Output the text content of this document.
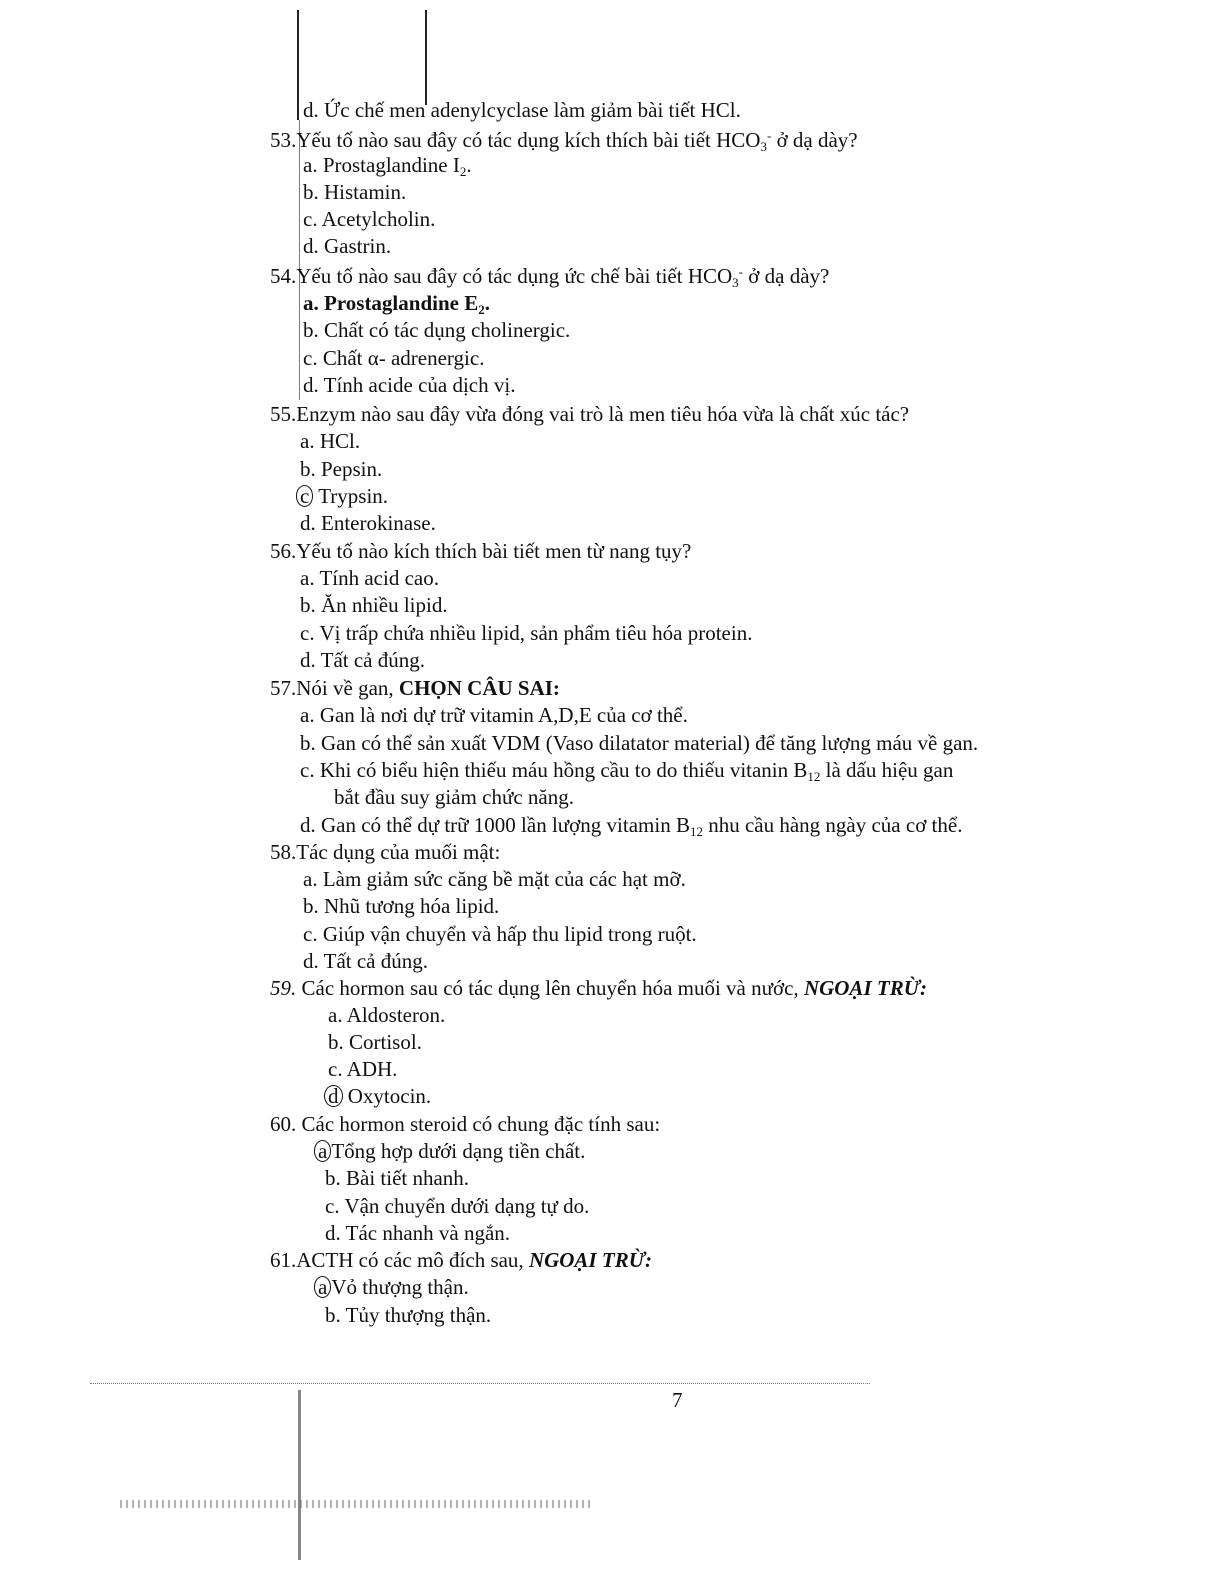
d. Ức chế men adenylcyclase làm giảm bài tiết HCl.
53.Yếu tố nào sau đây có tác dụng kích thích bài tiết $HCO_3^-$ ở dạ dày?
a. Prostaglandine $I_2$.
b. Histamin.
c. Acetylcholin.
d. Gastrin.
54.Yếu tố nào sau đây có tác dụng ức chế bài tiết $HCO_3^-$ ở dạ dày?
a. Prostaglandine $E_2$.
b. Chất có tác dụng cholinergic.
c. Chất α- adrenergic.
d. Tính acide của dịch vị.
55.Enzym nào sau đây vừa đóng vai trò là men tiêu hóa vừa là chất xúc tác?
a. HCl.
b. Pepsin.
c Trypsin.
d. Enterokinase.
56.Yếu tố nào kích thích bài tiết men từ nang tụy?
a. Tính acid cao.
b. Ăn nhiều lipid.
c. Vị trấp chứa nhiều lipid, sản phẩm tiêu hóa protein.
d. Tất cả đúng.
57.Nói về gan, CHỌN CÂU SAI:
a. Gan là nơi dự trữ vitamin A,D,E của cơ thể.
b. Gan có thể sản xuất VDM (Vaso dilatator material) để tăng lượng máu về gan.
c. Khi có biểu hiện thiếu máu hồng cầu to do thiếu vitanin $B_{12}$ là dấu hiệu gan
bắt đầu suy giảm chức năng.
d. Gan có thể dự trữ 1000 lần lượng vitamin $B_{12}$ nhu cầu hàng ngày của cơ thể.
58.Tác dụng của muối mật:
a. Làm giảm sức căng bề mặt của các hạt mỡ.
b. Nhũ tương hóa lipid.
c. Giúp vận chuyển và hấp thu lipid trong ruột.
d. Tất cả đúng.
59. Các hormon sau có tác dụng lên chuyển hóa muối và nước, NGOẠI TRỪ:
a. Aldosteron.
b. Cortisol.
c. ADH.
d Oxytocin.
60. Các hormon steroid có chung đặc tính sau:
a Tổng hợp dưới dạng tiền chất.
b. Bài tiết nhanh.
c. Vận chuyển dưới dạng tự do.
d. Tác nhanh và ngắn.
61.ACTH có các mô đích sau, NGOẠI TRỪ:
a Vỏ thượng thận.
b. Tủy thượng thận.
7
